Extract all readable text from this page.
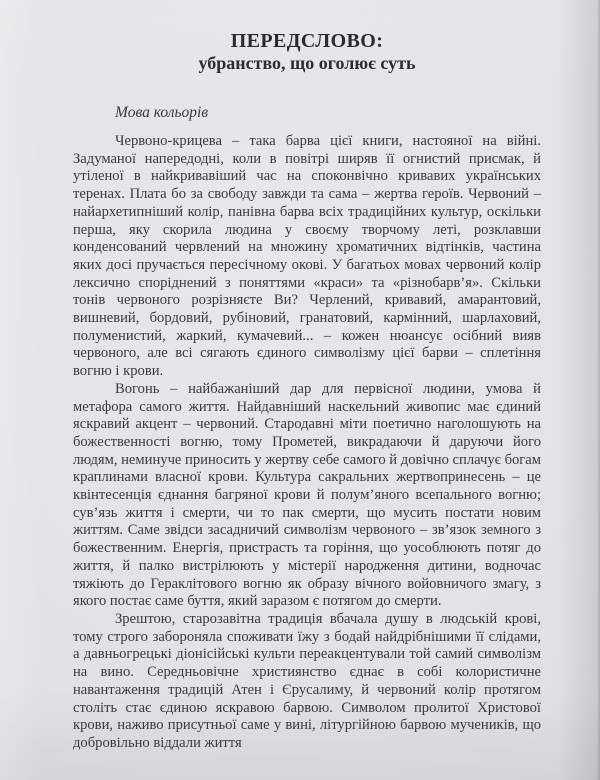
ПЕРЕДСЛОВО:
убранство, що оголює суть

Мова кольорів

Червоно-крицева – така барва цієї книги, настояної на війні. Задуманої напередодні, коли в повітрі ширяв її огнистий присмак, й утіленої в найкривавіший час на споконвічно кривавих українських теренах. Плата бо за свободу завжди та сама – жертва героїв. Червоний – найархетипніший колір, панівна барва всіх традиційних культур, оскільки перша, яку скорила людина у своєму творчому леті, розклавши конденсований червлений на множину хроматичних відтінків, частина яких досі пручається пересічному окові. У багатьох мовах червоний колір лексично споріднений з поняттями «краси» та «різнобарв’я». Скільки тонів червоного розрізняєте Ви? Черлений, кривавий, амарантовий, вишневий, бордовий, рубіновий, гранатовий, кармінний, шарлаховий, полуменистий, жаркий, кумачевий... – кожен нюансує осібний вияв червоного, але всі сягають єдиного символізму цієї барви – сплетіння вогню і крови.

Вогонь – найбажаніший дар для первісної людини, умова й метафора самого життя. Найдавніший наскельний живопис має єдиний яскравий акцент – червоний. Стародавні міти поетично наголошують на божественності вогню, тому Прометей, викрадаючи й даруючи його людям, неминуче приносить у жертву себе самого й довічно сплачує богам краплинами власної крови. Культура сакральних жертвопринесень – це квінтесенція єднання багряної крови й полум’яного всепального вогню; сув’язь життя і смерти, чи то пак смерти, що мусить постати новим життям. Саме звідси засадничий символізм червоного – зв’язок земного з божественним. Енергія, пристрасть та горіння, що уособлюють потяг до життя, й палко вистрілюють у містерії народження дитини, водночас тяжіють до Гераклітового вогню як образу вічного войовничого змагу, з якого постає саме буття, який заразом є потягом до смерти.

Зрештою, старозавітна традиція вбачала душу в людській крові, тому строго забороняла споживати їжу з бодай найдрібнішими її слідами, а давньогрецькі діонісійські культи переакцентували той самий символізм на вино. Середньовічне християнство єднає в собі колористичне навантаження традицій Атен і Єрусалиму, й червоний колір протягом століть стає єдиною яскравою барвою. Символом пролитої Христової крови, наживо присутньої саме у вині, літургійною барвою мучеників, що добровільно віддали життя
